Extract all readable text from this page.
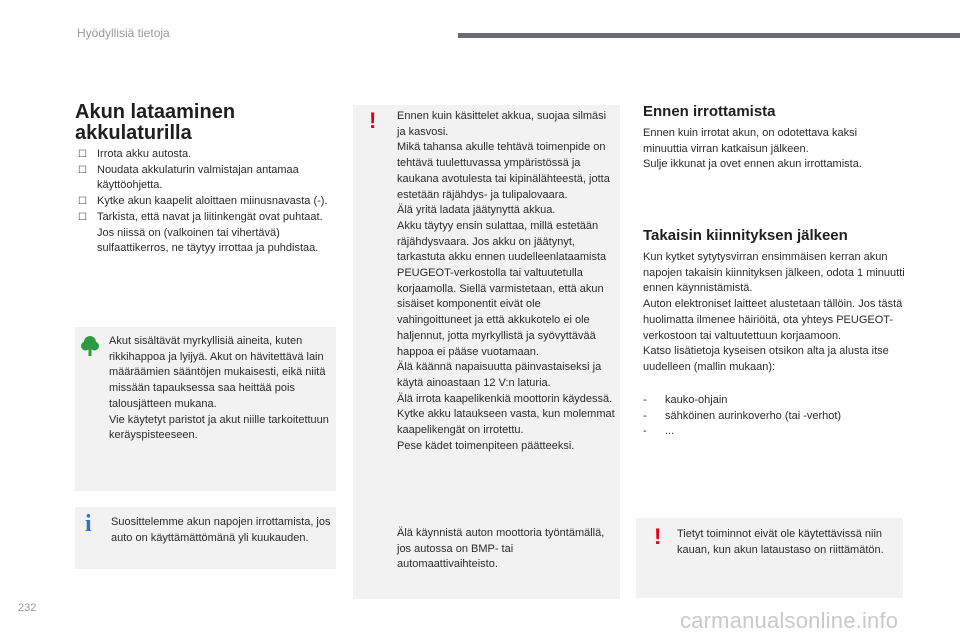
Hyödyllisiä tietoja
Akun lataaminen
akkulaturilla
☐ Irrota akku autosta.
☐ Noudata akkulaturin valmistajan antamaa käyttöohjetta.
☐ Kytke akun kaapelit aloittaen miinusnavasta (-).
☐ Tarkista, että navat ja liitinkengät ovat puhtaat. Jos niissä on (valkoinen tai vihertävä) sulfaattikerros, ne täytyy irrottaa ja puhdistaa.
Akut sisältävät myrkyllisiä aineita, kuten rikkihappoa ja lyijyä. Akut on hävitettävä lain määräämien sääntöjen mukaisesti, eikä niitä missään tapauksessa saa heittää pois talousjätteen mukana.
Vie käytetyt paristot ja akut niille tarkoitettuun keräyspisteeseen.
i Suosittelemme akun napojen irrottamista, jos auto on käyttämättömänä yli kuukauden.
! Ennen kuin käsittelet akkua, suojaa silmäsi ja kasvosi.
Mikä tahansa akulle tehtävä toimenpide on tehtävä tuulettuvassa ympäristössä ja kaukana avotulesta tai kipinälähteestä, jotta estetään räjähdys- ja tulipalovaara.
Älä yritä ladata jäätynyttä akkua.
Akku täytyy ensin sulattaa, millä estetään räjähdysvaara. Jos akku on jäätynyt, tarkastuta akku ennen uudelleenlataamista PEUGEOT-verkostolla tai valtuutetulla korjaamolla. Siellä varmistetaan, että akun sisäiset komponentit eivät ole vahingoittuneet ja että akkukotelo ei ole haljennut, jotta myrkyllistä ja syövyttävää happoa ei pääse vuotamaan.
Älä käännä napaisuutta päinvastaiseksi ja käytä ainoastaan 12 V:n laturia.
Älä irrota kaapelikenkiä moottorin käydessä.
Kytke akku lataukseen vasta, kun molemmat kaapelikengät on irrotettu.
Pese kädet toimenpiteen päätteeksi.
Älä käynnistä auton moottoria työntämällä, jos autossa on BMP- tai automaattivaihteisto.
Ennen irrottamista
Ennen kuin irrotat akun, on odotettava kaksi minuuttia virran katkaisun jälkeen.
Sulje ikkunat ja ovet ennen akun irrottamista.
Takaisin kiinnityksen jälkeen
Kun kytket sytytysvirran ensimmäisen kerran akun napojen takaisin kiinnityksen jälkeen, odota 1 minuutti ennen käynnistämistä.
Auton elektroniset laitteet alustetaan tällöin. Jos tästä huolimatta ilmenee häiriöitä, ota yhteys PEUGEOT-verkostoon tai valtuutettuun korjaamoon.
Katso lisätietoja kyseisen otsikon alta ja alusta itse uudelleen (mallin mukaan):
- kauko-ohjain
- sähköinen aurinkoverho (tai -verhot)
- ...
! Tietyt toiminnot eivät ole käytettävissä niin kauan, kun akun lataustaso on riittämätön.
232	carmanualsonline.info
